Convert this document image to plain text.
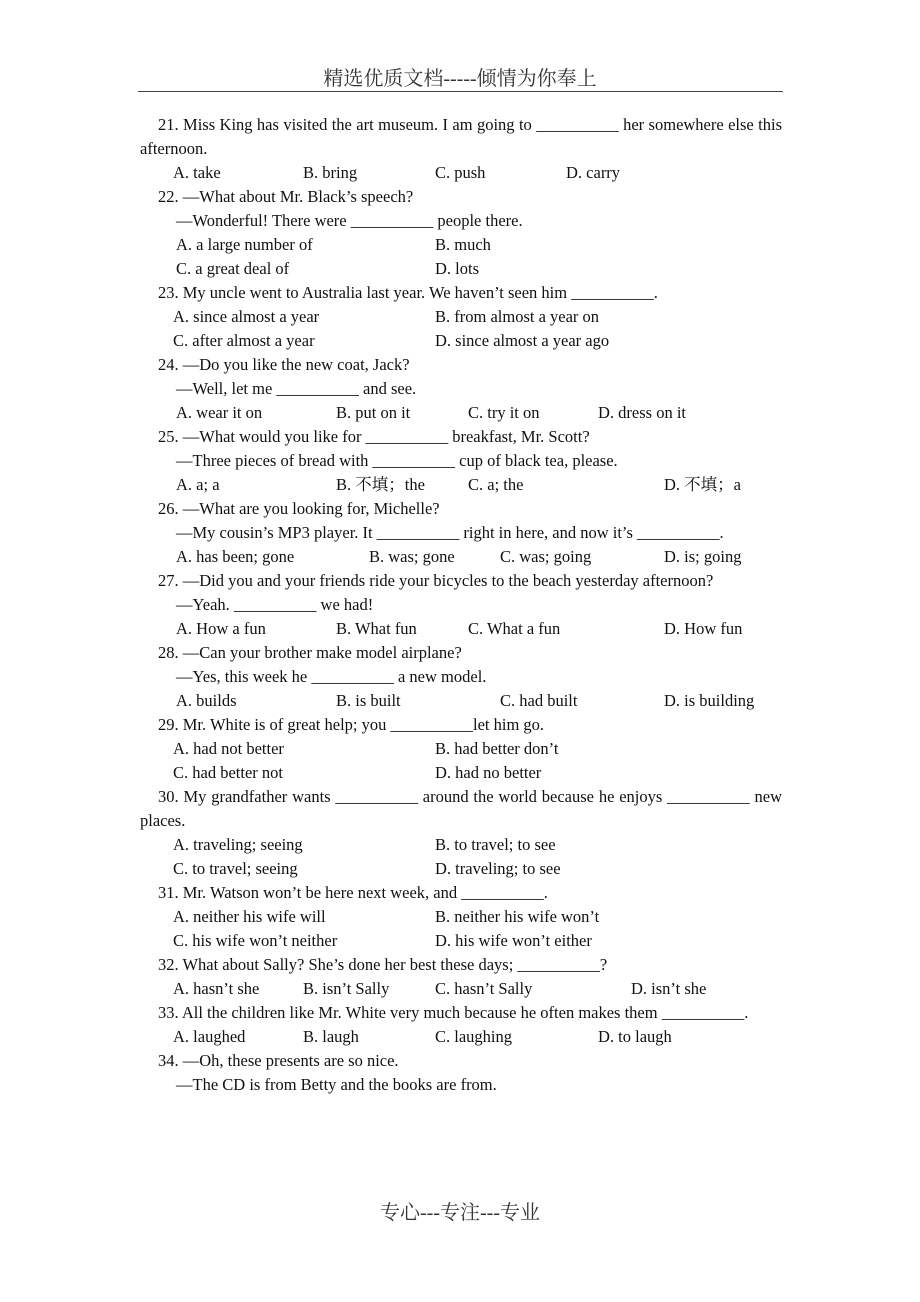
精选优质文档-----倾情为你奉上
21. Miss King has visited the art museum. I am going to __________ her somewhere else this afternoon.
A. take	B. bring	C. push	D. carry
22. —What about Mr. Black’s speech?
—Wonderful! There were __________ people there.
A. a large number of	B. much
C. a great deal of	D. lots
23. My uncle went to Australia last year. We haven’t seen him __________.
A. since almost a year	B. from almost a year on
C. after almost a year	D. since almost a year ago
24. —Do you like the new coat, Jack?
—Well, let me __________ and see.
A. wear it on	B. put on it	C. try it on	D. dress on it
25. —What would you like for __________ breakfast, Mr. Scott?
—Three pieces of bread with __________ cup of black tea, please.
A. a; a	B. 不填；the	C. a; the	D. 不填；a
26. —What are you looking for, Michelle?
—My cousin’s MP3 player. It __________ right in here, and now it’s __________.
A. has been; gone	B. was; gone	C. was; going	D. is; going
27. —Did you and your friends ride your bicycles to the beach yesterday afternoon?
—Yeah. __________ we had!
A. How a fun	B. What fun	C. What a fun	D. How fun
28. —Can your brother make model airplane?
—Yes, this week he __________ a new model.
A. builds	B. is built	C. had built	D. is building
29. Mr. White is of great help; you __________let him go.
A. had not better	B. had better don’t
C. had better not	D. had no better
30. My grandfather wants __________ around the world because he enjoys __________ new places.
A. traveling; seeing	B. to travel; to see
C. to travel; seeing	D. traveling; to see
31. Mr. Watson won’t be here next week, and __________.
A. neither his wife will	B. neither his wife won’t
C. his wife won’t neither	D. his wife won’t either
32. What about Sally? She’s done her best these days; __________?
A. hasn’t she	B. isn’t Sally	C. hasn’t Sally	D. isn’t she
33. All the children like Mr. White very much because he often makes them __________.
A. laughed	B. laugh	C. laughing	D. to laugh
34. —Oh, these presents are so nice.
—The CD is from Betty and the books are from.
专心---专注---专业
